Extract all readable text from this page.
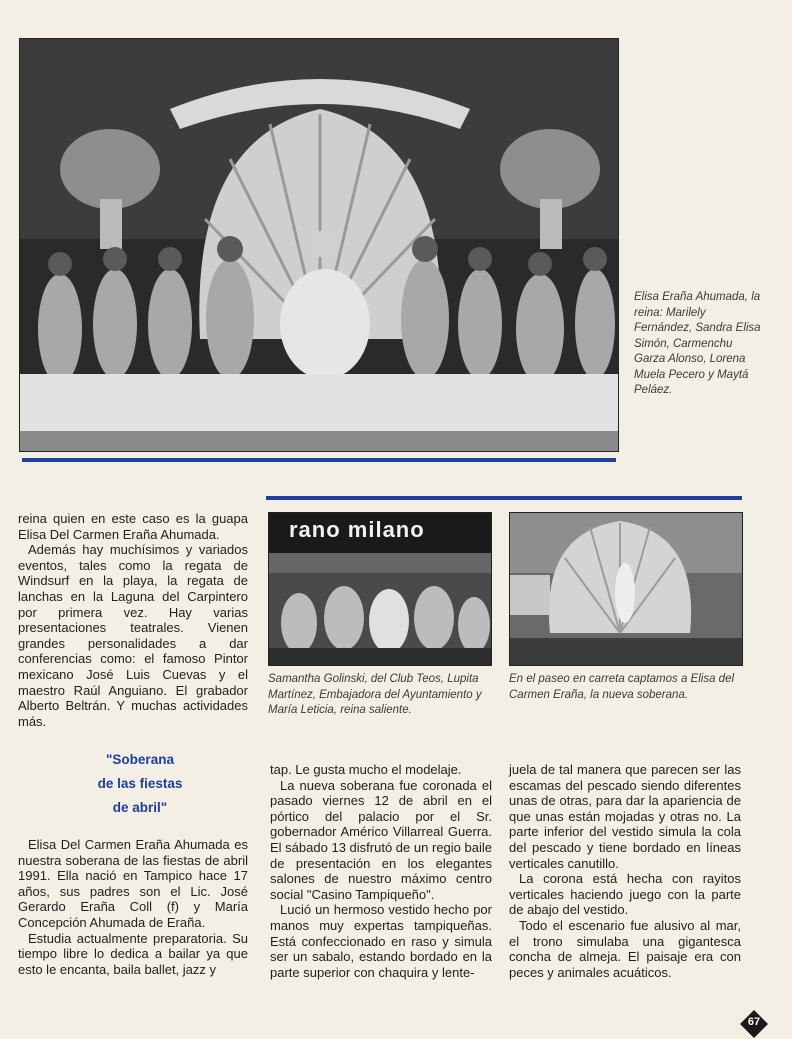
Elisa Eraña Ahumada, la reina: Marilely Fernández, Sandra Elisa Simón, Carmenchu Garza Alonso, Lorena Muela Pecero y Maytá Peláez.

rano milano

Samantha Golinski, del Club Teos, Lupita Martínez, Embajadora del Ayuntamiento y María Leticia, reina saliente.

En el paseo en carreta captamos a Elisa del Carmen Eraña, la nueva soberana.

reina quien en este caso es la guapa Elisa Del Carmen Eraña Ahumada.

Además hay muchísimos y variados eventos, tales como la regata de Windsurf en la playa, la regata de lanchas en la Laguna del Carpintero por primera vez. Hay varias presentaciones teatrales. Vienen grandes personalidades a dar conferencias como: el famoso Pintor mexicano José Luis Cuevas y el maestro Raúl Anguiano. El grabador Alberto Beltrán. Y muchas actividades más.

"Soberana
de las fiestas
de abril"

Elisa Del Carmen Eraña Ahumada es nuestra soberana de las fiestas de abril 1991. Ella nació en Tampico hace 17 años, sus padres son el Lic. José Gerardo Eraña Coll (f) y María Concepción Ahumada de Eraña.

Estudia actualmente preparatoria. Su tiempo libre lo dedica a bailar ya que esto le encanta, baila ballet, jazz y

tap. Le gusta mucho el modelaje.

La nueva soberana fue coronada el pasado viernes 12 de abril en el pórtico del palacio por el Sr. gobernador Américo Villarreal Guerra. El sábado 13 disfrutó de un regio baile de presentación en los elegantes salones de nuestro máximo centro social "Casino Tampiqueño".

Lució un hermoso vestido hecho por manos muy expertas tampiqueñas. Está confeccionado en raso y simula ser un sabalo, estando bordado en la parte superior con chaquira y lente-

juela de tal manera que parecen ser las escamas del pescado siendo diferentes unas de otras, para dar la apariencia de que unas están mojadas y otras no. La parte inferior del vestido simula la cola del pescado y tiene bordado en líneas verticales canutillo.

La corona está hecha con rayitos verticales haciendo juego con la parte de abajo del vestido.

Todo el escenario fue alusivo al mar, el trono simulaba una gigantesca concha de almeja. El paisaje era con peces y animales acuáticos.

67
